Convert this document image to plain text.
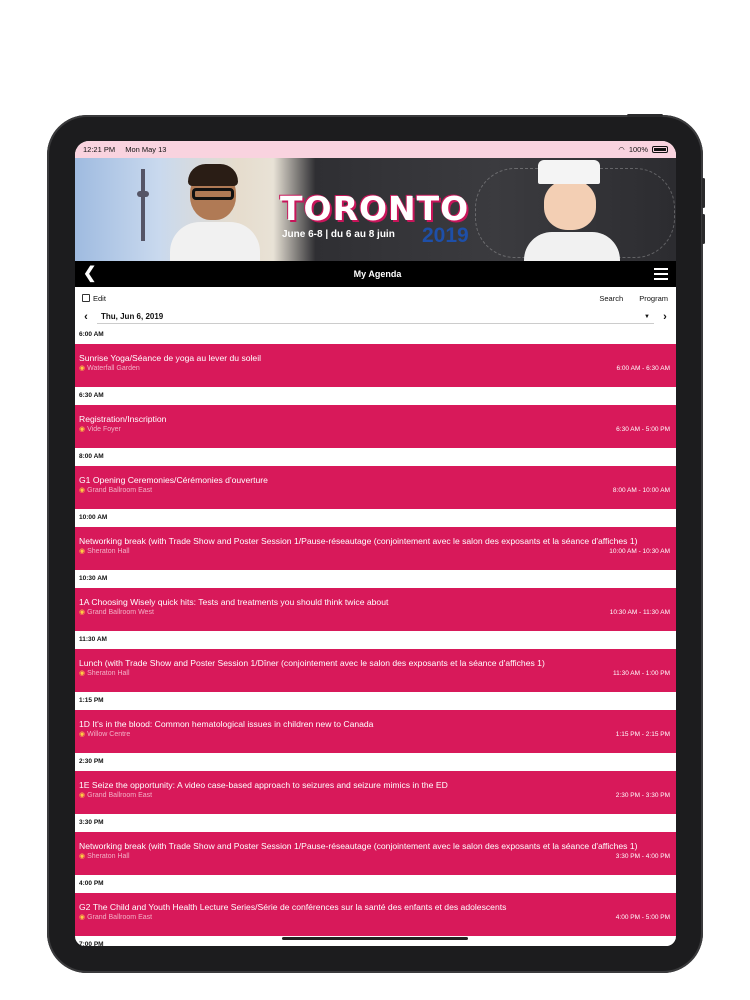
12:21 PM Mon May 13	◠ 100%
TORONTO
June 6-8 | du 6 au 8 juin 2019
❮	My Agenda
Edit	Search Program
‹	Thu, Jun 6, 2019	▼ ›
6:00 AM
Sunrise Yoga/Séance de yoga au lever du soleil
◉ Waterfall Garden	6:00 AM - 6:30 AM
6:30 AM
Registration/Inscription
◉ Vide Foyer	6:30 AM - 5:00 PM
8:00 AM
G1 Opening Ceremonies/Cérémonies d'ouverture
◉ Grand Ballroom East	8:00 AM - 10:00 AM
10:00 AM
Networking break (with Trade Show and Poster Session 1/Pause-réseautage (conjointement avec le salon des exposants et la séance d'affiches 1)
◉ Sheraton Hall	10:00 AM - 10:30 AM
10:30 AM
1A Choosing Wisely quick hits: Tests and treatments you should think twice about
◉ Grand Ballroom West	10:30 AM - 11:30 AM
11:30 AM
Lunch (with Trade Show and Poster Session 1/Dîner (conjointement avec le salon des exposants et la séance d'affiches 1)
◉ Sheraton Hall	11:30 AM - 1:00 PM
1:15 PM
1D It's in the blood: Common hematological issues in children new to Canada
◉ Willow Centre	1:15 PM - 2:15 PM
2:30 PM
1E Seize the opportunity: A video case-based approach to seizures and seizure mimics in the ED
◉ Grand Ballroom East	2:30 PM - 3:30 PM
3:30 PM
Networking break (with Trade Show and Poster Session 1/Pause-réseautage (conjointement avec le salon des exposants et la séance d'affiches 1)
◉ Sheraton Hall	3:30 PM - 4:00 PM
4:00 PM
G2 The Child and Youth Health Lecture Series/Série de conférences sur la santé des enfants et des adolescents
◉ Grand Ballroom East	4:00 PM - 5:00 PM
7:00 PM
